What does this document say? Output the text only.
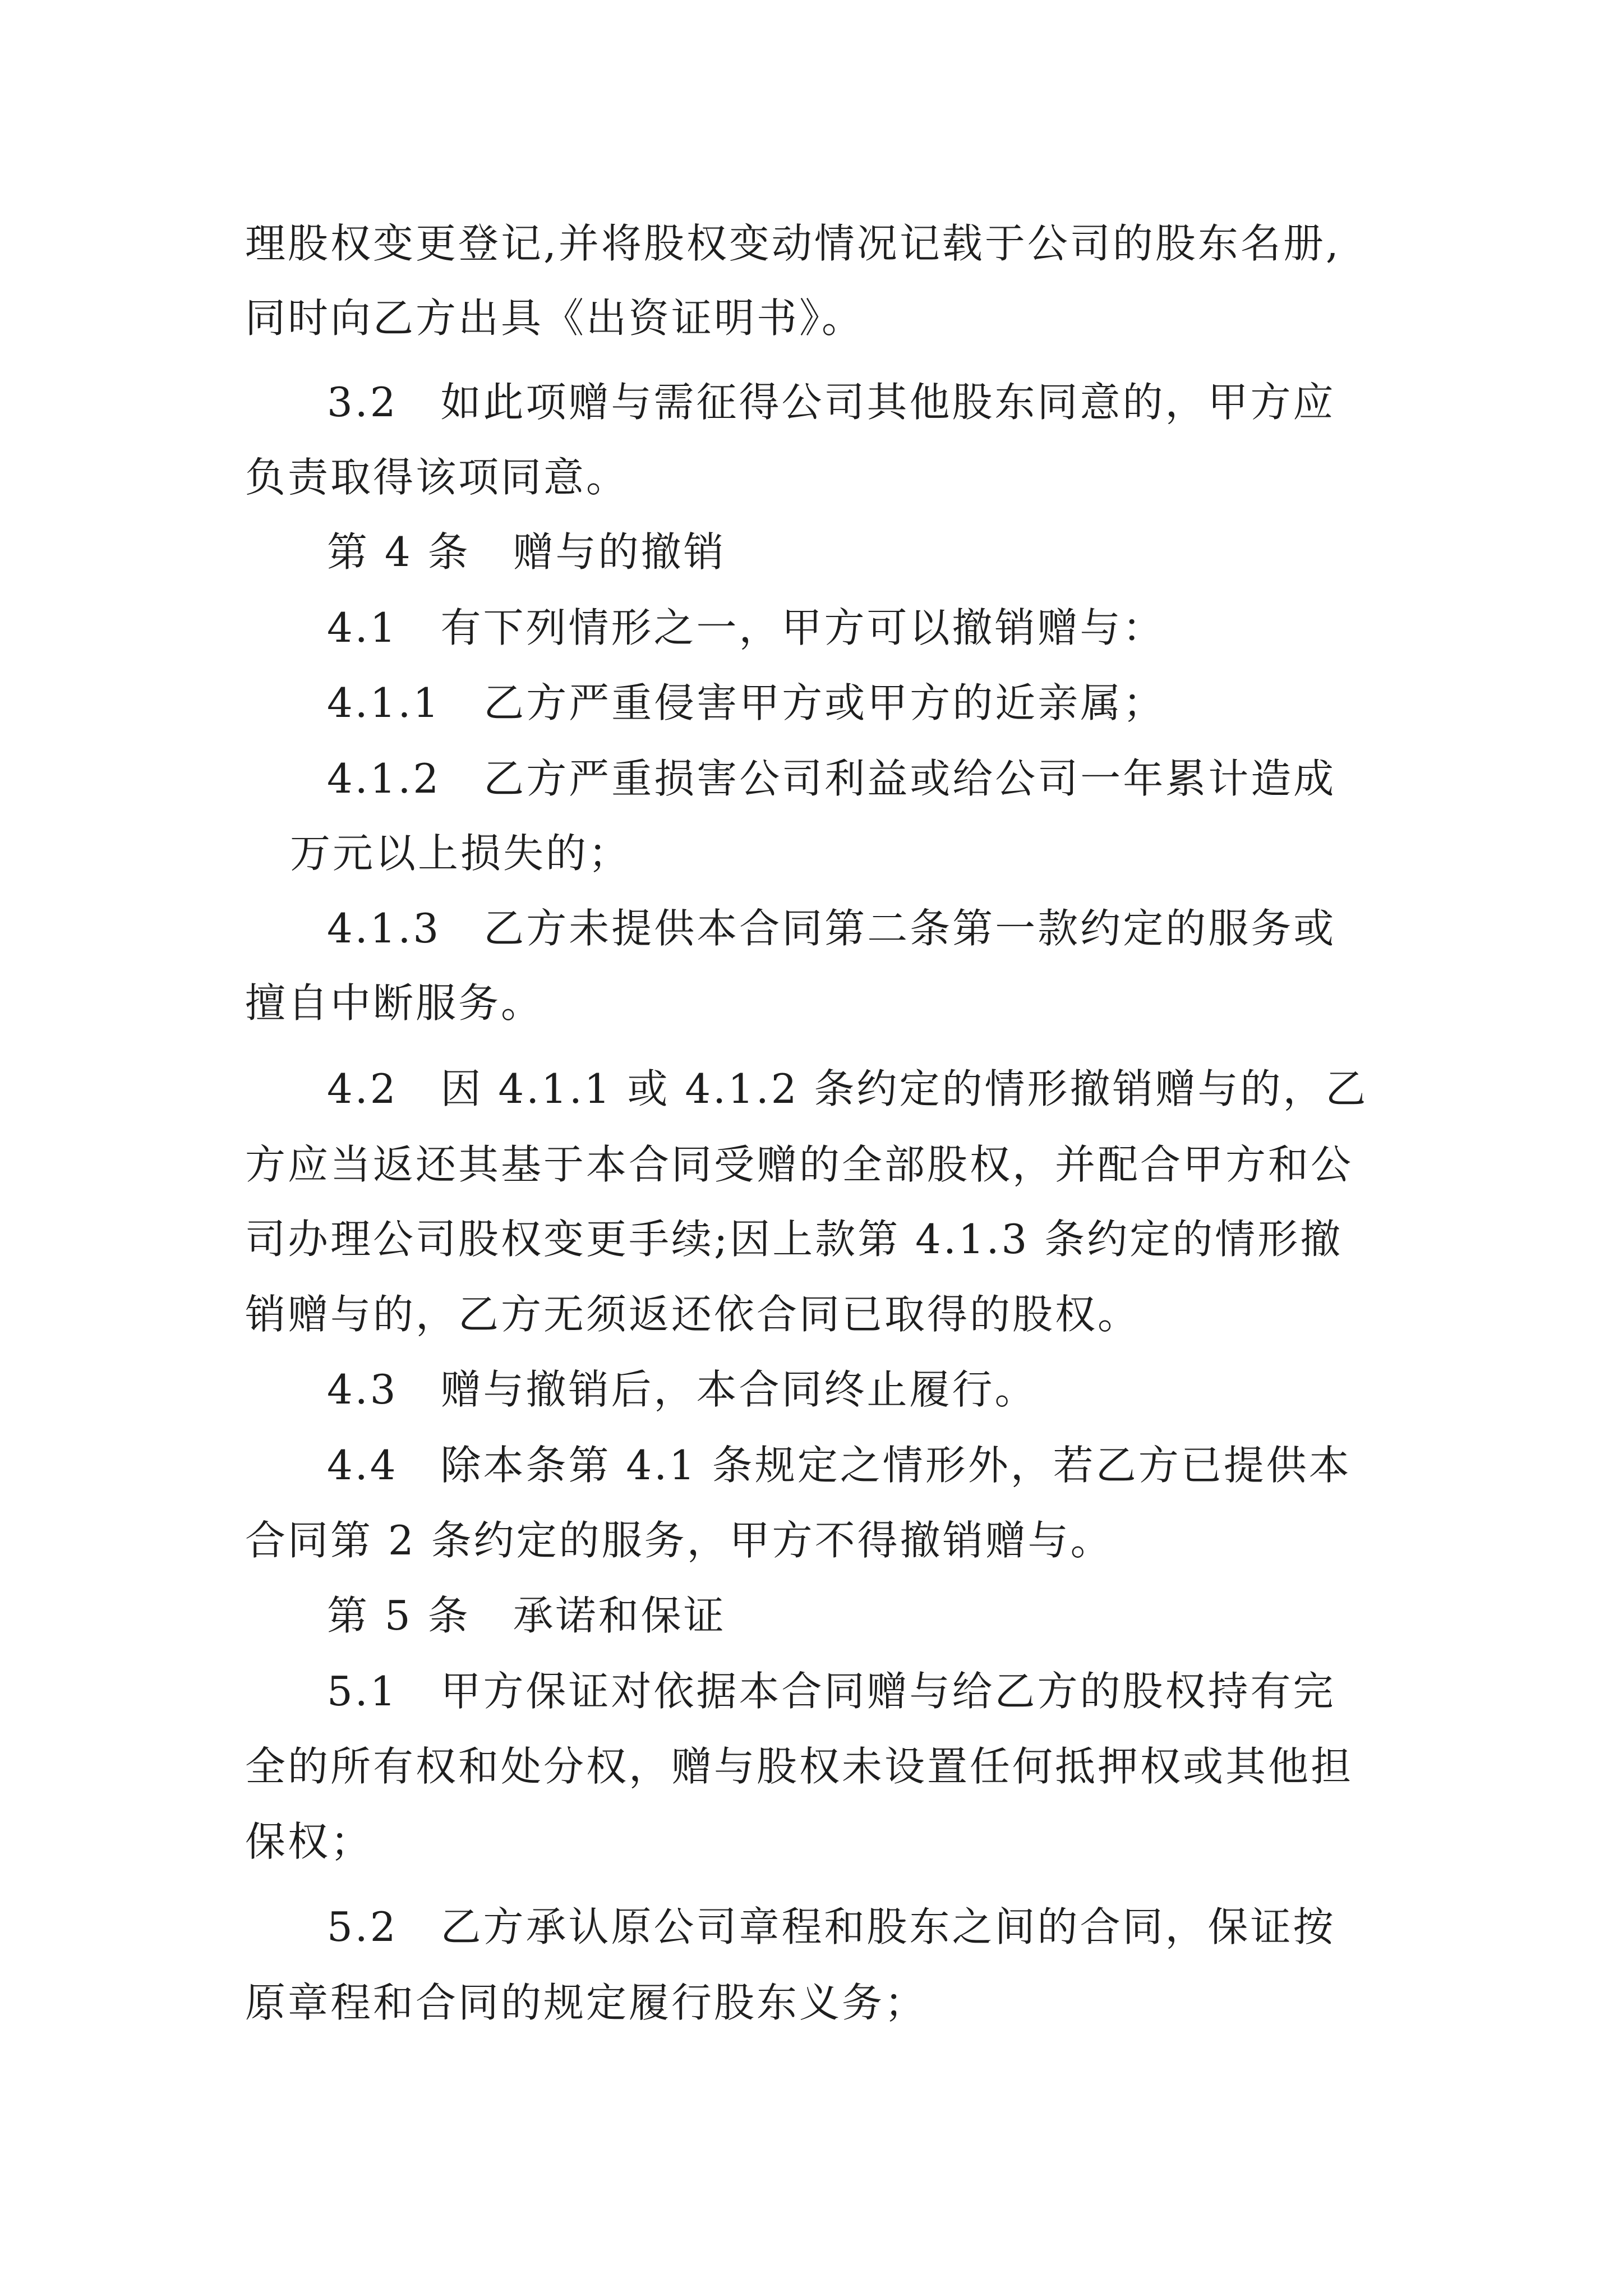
理股权变更登记,并将股权变动情况记载于公司的股东名册,
同时向乙方出具《出资证明书》。
3.2　如此项赠与需征得公司其他股东同意的，甲方应
负责取得该项同意。
第 4 条　赠与的撤销
4.1　有下列情形之一，甲方可以撤销赠与：
4.1.1　乙方严重侵害甲方或甲方的近亲属；
4.1.2　乙方严重损害公司利益或给公司一年累计造成
万元以上损失的；
4.1.3　乙方未提供本合同第二条第一款约定的服务或
擅自中断服务。
4.2　因 4.1.1 或 4.1.2 条约定的情形撤销赠与的，乙
方应当返还其基于本合同受赠的全部股权，并配合甲方和公
司办理公司股权变更手续;因上款第 4.1.3 条约定的情形撤
销赠与的，乙方无须返还依合同已取得的股权。
4.3　赠与撤销后，本合同终止履行。
4.4　除本条第 4.1 条规定之情形外，若乙方已提供本
合同第 2 条约定的服务，甲方不得撤销赠与。
第 5 条　承诺和保证
5.1　甲方保证对依据本合同赠与给乙方的股权持有完
全的所有权和处分权，赠与股权未设置任何抵押权或其他担
保权；
5.2　乙方承认原公司章程和股东之间的合同，保证按
原章程和合同的规定履行股东义务；
